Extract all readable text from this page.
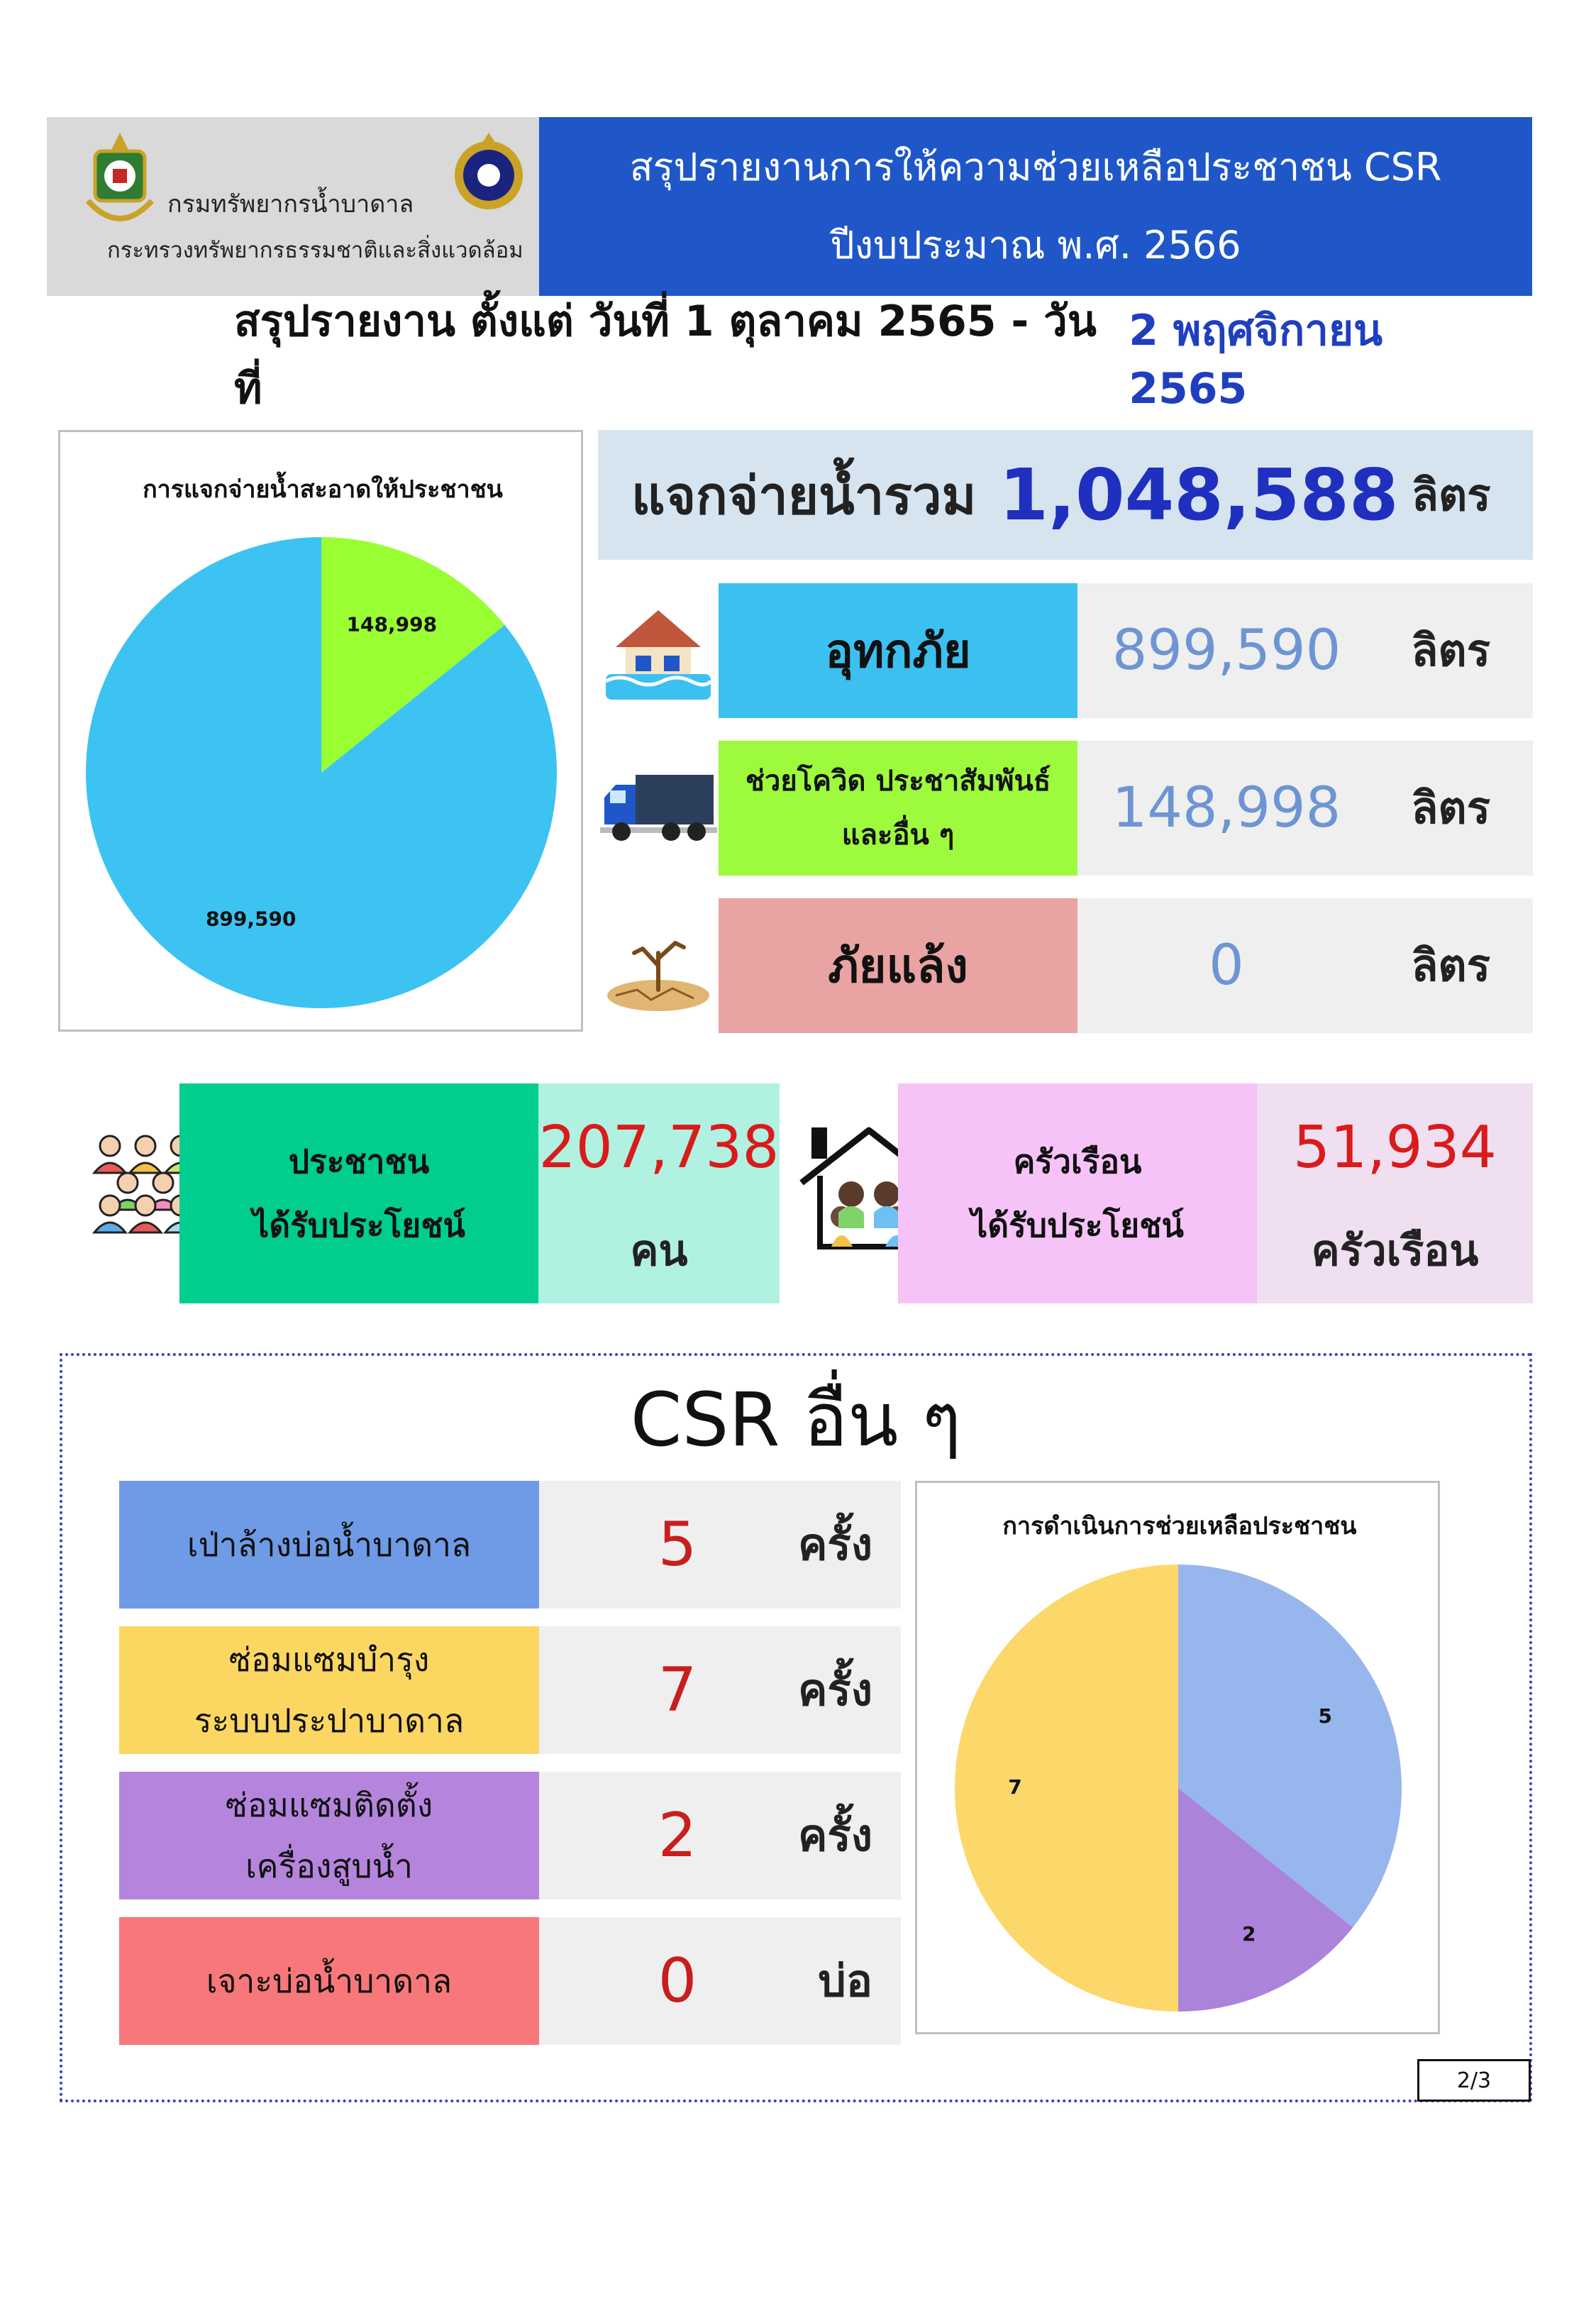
กรมทรัพยากรน้ำบาดาล
กระทรวงทรัพยากรธรรมชาติและสิ่งแวดล้อม
สรุปรายงานการให้ความช่วยเหลือประชาชน CSR
ปีงบประมาณ พ.ศ. 2566
สรุปรายงาน ตั้งแต่ วันที่ 1 ตุลาคม 2565 - วันที่
2 พฤศจิกายน 2565
การแจกจ่ายน้ำสะอาดให้ประชาชน
148,998
899,590
แจกจ่ายน้ำรวม 1,048,588 ลิตร
อุทกภัย	899,590	ลิตร
ช่วยโควิด ประชาสัมพันธ์
และอื่น ๆ	148,998	ลิตร
ภัยแล้ง	0	ลิตร
ประชาชน
ได้รับประโยชน์
207,738
คน
ครัวเรือน
ได้รับประโยชน์
51,934
ครัวเรือน
CSR อื่น ๆ
เป่าล้างบ่อน้ำบาดาล	5	ครั้ง
ซ่อมแซมบำรุง
ระบบประปาบาดาล	7	ครั้ง
ซ่อมแซมติดตั้ง
เครื่องสูบน้ำ	2	ครั้ง
เจาะบ่อน้ำบาดาล	0	บ่อ
การดำเนินการช่วยเหลือประชาชน
5
2
7
2/3
